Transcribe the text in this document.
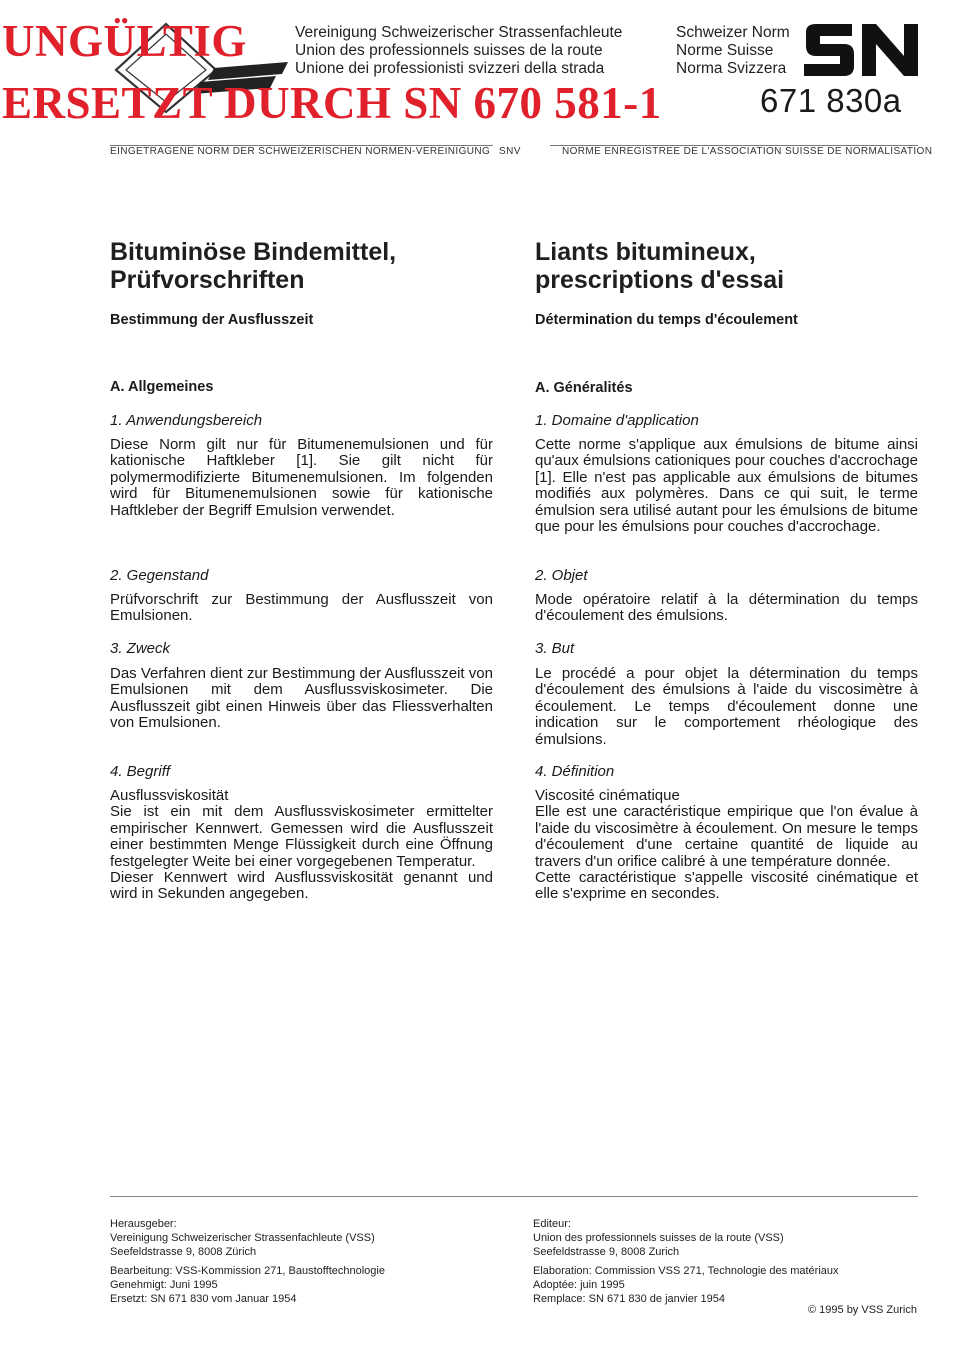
UNGÜLTIG
ERSETZT DURCH SN 670 581-1
Vereinigung Schweizerischer Strassenfachleute
Union des professionnels suisses de la route
Unione dei professionisti svizzeri della strada
Schweizer Norm
Norme Suisse
Norma Svizzera
671 830a
EINGETRAGENE NORM DER SCHWEIZERISCHEN NORMEN-VEREINIGUNG SNV	NORME ENREGISTREE DE L'ASSOCIATION SUISSE DE NORMALISATION
Bituminöse Bindemittel,
Prüfvorschriften
Bestimmung der Ausflusszeit
A. Allgemeines
1. Anwendungsbereich
Diese Norm gilt nur für Bitumenemulsionen und für kationische Haftkleber [1]. Sie gilt nicht für polymermodifizierte Bitumenemulsionen. Im folgenden wird für Bitumenemulsionen sowie für kationische Haftkleber der Begriff Emulsion verwendet.
2. Gegenstand
Prüfvorschrift zur Bestimmung der Ausflusszeit von Emulsionen.
3. Zweck
Das Verfahren dient zur Bestimmung der Ausflusszeit von Emulsionen mit dem Ausflussviskosimeter. Die Ausflusszeit gibt einen Hinweis über das Fliessverhalten von Emulsionen.
4. Begriff
Ausflussviskosität
Sie ist ein mit dem Ausflussviskosimeter ermittelter empirischer Kennwert. Gemessen wird die Ausflusszeit einer bestimmten Menge Flüssigkeit durch eine Öffnung festgelegter Weite bei einer vorgegebenen Temperatur.
Dieser Kennwert wird Ausflussviskosität genannt und wird in Sekunden angegeben.
Liants bitumineux,
prescriptions d'essai
Détermination du temps d'écoulement
A. Généralités
1. Domaine d'application
Cette norme s'applique aux émulsions de bitume ainsi qu'aux émulsions cationiques pour couches d'accrochage [1]. Elle n'est pas applicable aux émulsions de bitumes modifiés aux polymères. Dans ce qui suit, le terme émulsion sera utilisé autant pour les émulsions de bitume que pour les émulsions pour couches d'accrochage.
2. Objet
Mode opératoire relatif à la détermination du temps d'écoulement des émulsions.
3. But
Le procédé a pour objet la détermination du temps d'écoulement des émulsions à l'aide du viscosimètre à écoulement. Le temps d'écoulement donne une indication sur le comportement rhéologique des émulsions.
4. Définition
Viscosité cinématique
Elle est une caractéristique empirique que l'on évalue à l'aide du viscosimètre à écoulement. On mesure le temps d'écoulement d'une certaine quantité de liquide au travers d'un orifice calibré à une température donnée.
Cette caractéristique s'appelle viscosité cinématique et elle s'exprime en secondes.
Herausgeber:
Vereinigung Schweizerischer Strassenfachleute (VSS)
Seefeldstrasse 9, 8008 Zürich
Bearbeitung: VSS-Kommission 271, Baustofftechnologie
Genehmigt: Juni 1995
Ersetzt: SN 671 830 vom Januar 1954
Editeur:
Union des professionnels suisses de la route (VSS)
Seefeldstrasse 9, 8008 Zurich
Elaboration: Commission VSS 271, Technologie des matériaux
Adoptée: juin 1995
Remplace: SN 671 830 de janvier 1954
© 1995 by VSS Zurich
